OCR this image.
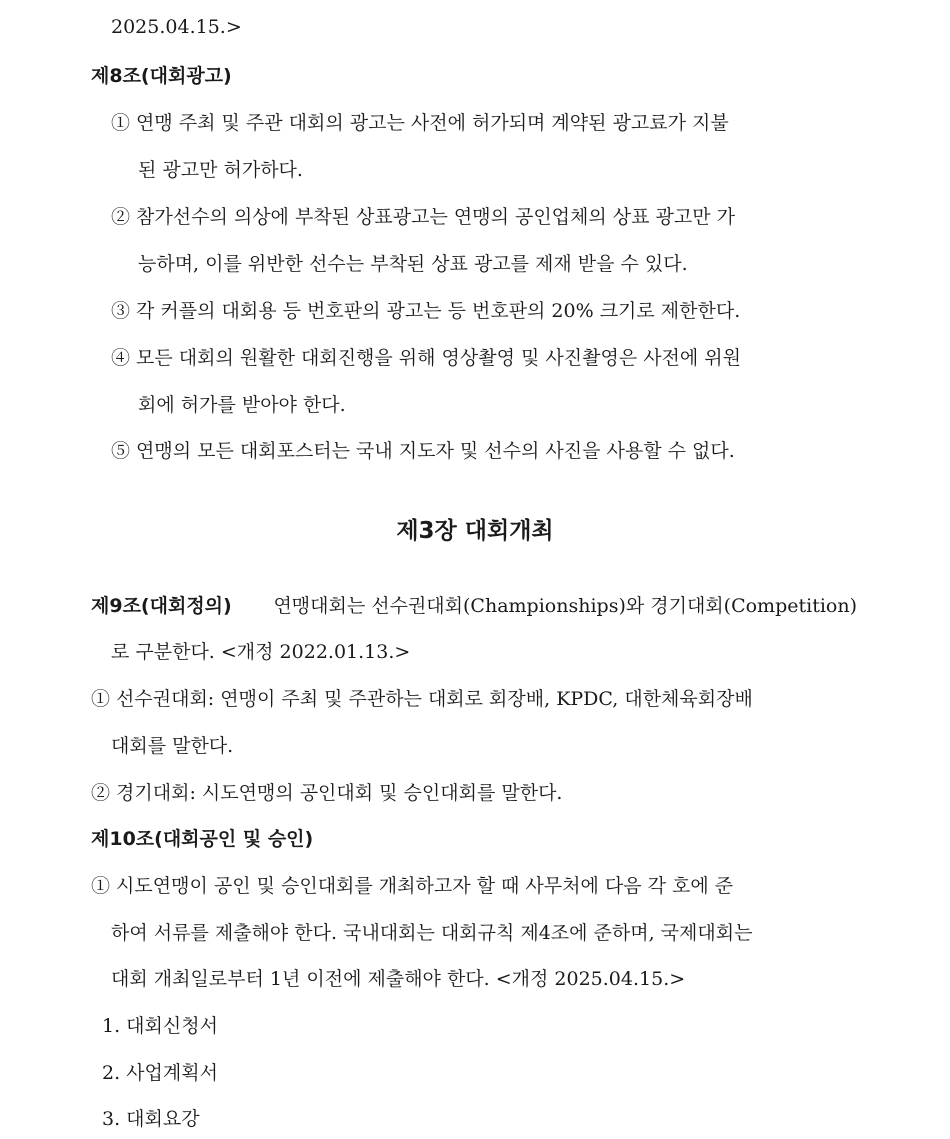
2025.04.15.>
제8조(대회광고)
① 연맹 주최 및 주관 대회의 광고는 사전에 허가되며 계약된 광고료가 지불
된 광고만 허가하다.
② 참가선수의 의상에 부착된 상표광고는 연맹의 공인업체의 상표 광고만 가
능하며, 이를 위반한 선수는 부착된 상표 광고를 제재 받을 수 있다.
③ 각 커플의 대회용 등 번호판의 광고는 등 번호판의 20% 크기로 제한한다.
④ 모든 대회의 원활한 대회진행을 위해 영상촬영 및 사진촬영은 사전에 위원
회에 허가를 받아야 한다.
⑤ 연맹의 모든 대회포스터는 국내 지도자 및 선수의 사진을 사용할 수 없다.
제3장 대회개최
제9조(대회정의) 연맹대회는 선수권대회(Championships)와 경기대회(Competition)
로 구분한다. <개정 2022.01.13.>
① 선수권대회: 연맹이 주최 및 주관하는 대회로 회장배, KPDC, 대한체육회장배
대회를 말한다.
② 경기대회: 시도연맹의 공인대회 및 승인대회를 말한다.
제10조(대회공인 및 승인)
① 시도연맹이 공인 및 승인대회를 개최하고자 할 때 사무처에 다음 각 호에 준
하여 서류를 제출해야 한다. 국내대회는 대회규칙 제4조에 준하며, 국제대회는
대회 개최일로부터 1년 이전에 제출해야 한다. <개정 2025.04.15.>
1. 대회신청서
2. 사업계획서
3. 대회요강
